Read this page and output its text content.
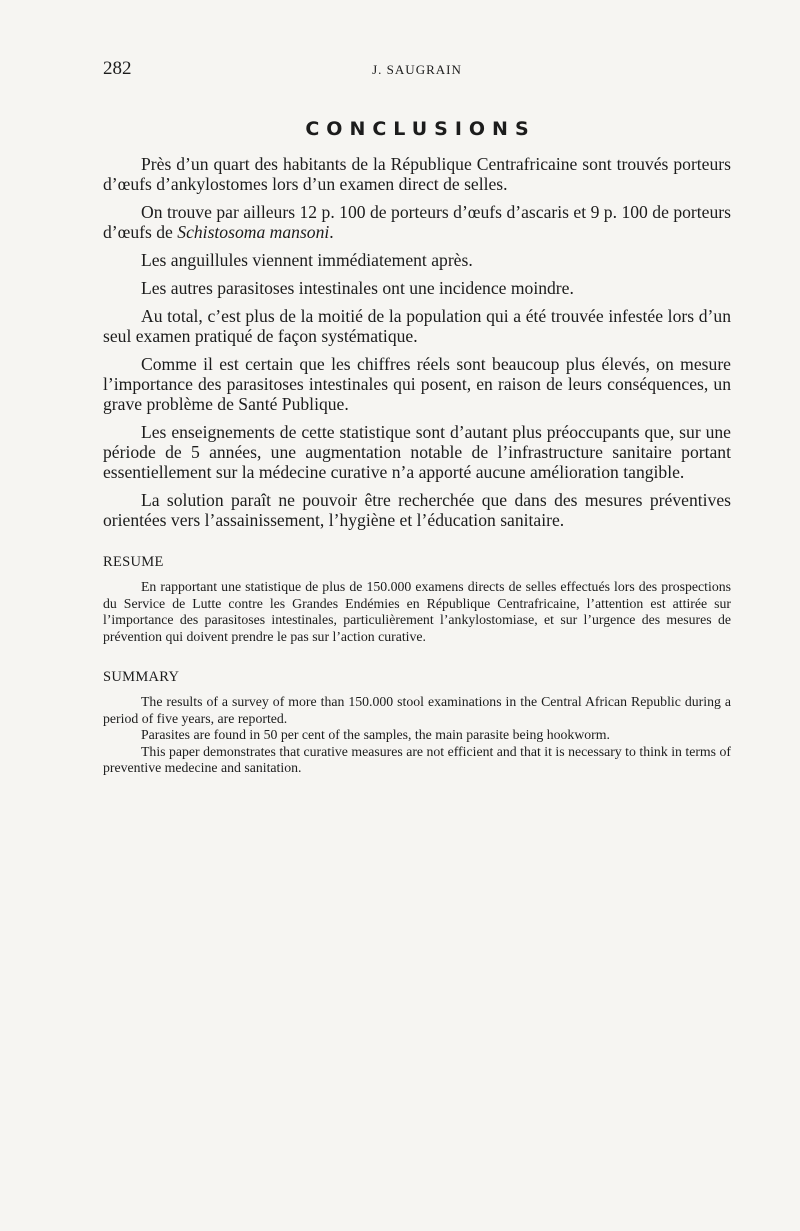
282	J. SAUGRAIN
CONCLUSIONS

Près d’un quart des habitants de la République Centrafricaine sont trouvés porteurs d’œufs d’ankylostomes lors d’un examen direct de selles.

On trouve par ailleurs 12 p. 100 de porteurs d’œufs d’ascaris et 9 p. 100 de porteurs d’œufs de Schistosoma mansoni.

Les anguillules viennent immédiatement après.

Les autres parasitoses intestinales ont une incidence moindre.

Au total, c’est plus de la moitié de la population qui a été trouvée infestée lors d’un seul examen pratiqué de façon systématique.

Comme il est certain que les chiffres réels sont beaucoup plus élevés, on mesure l’importance des parasitoses intestinales qui posent, en raison de leurs conséquences, un grave problème de Santé Publique.

Les enseignements de cette statistique sont d’autant plus préoccupants que, sur une période de 5 années, une augmentation notable de l’infrastructure sanitaire portant essentiellement sur la médecine curative n’a apporté aucune amélioration tangible.

La solution paraît ne pouvoir être recherchée que dans des mesures préventives orientées vers l’assainissement, l’hygiène et l’éducation sanitaire.

RESUME

En rapportant une statistique de plus de 150.000 examens directs de selles effectués lors des prospections du Service de Lutte contre les Grandes Endémies en République Centrafricaine, l’attention est attirée sur l’importance des parasitoses intestinales, particulièrement l’ankylostomiase, et sur l’urgence des mesures de prévention qui doivent prendre le pas sur l’action curative.

SUMMARY

The results of a survey of more than 150.000 stool examinations in the Central African Republic during a period of five years, are reported.

Parasites are found in 50 per cent of the samples, the main parasite being hookworm.

This paper demonstrates that curative measures are not efficient and that it is necessary to think in terms of preventive medecine and sanitation.
